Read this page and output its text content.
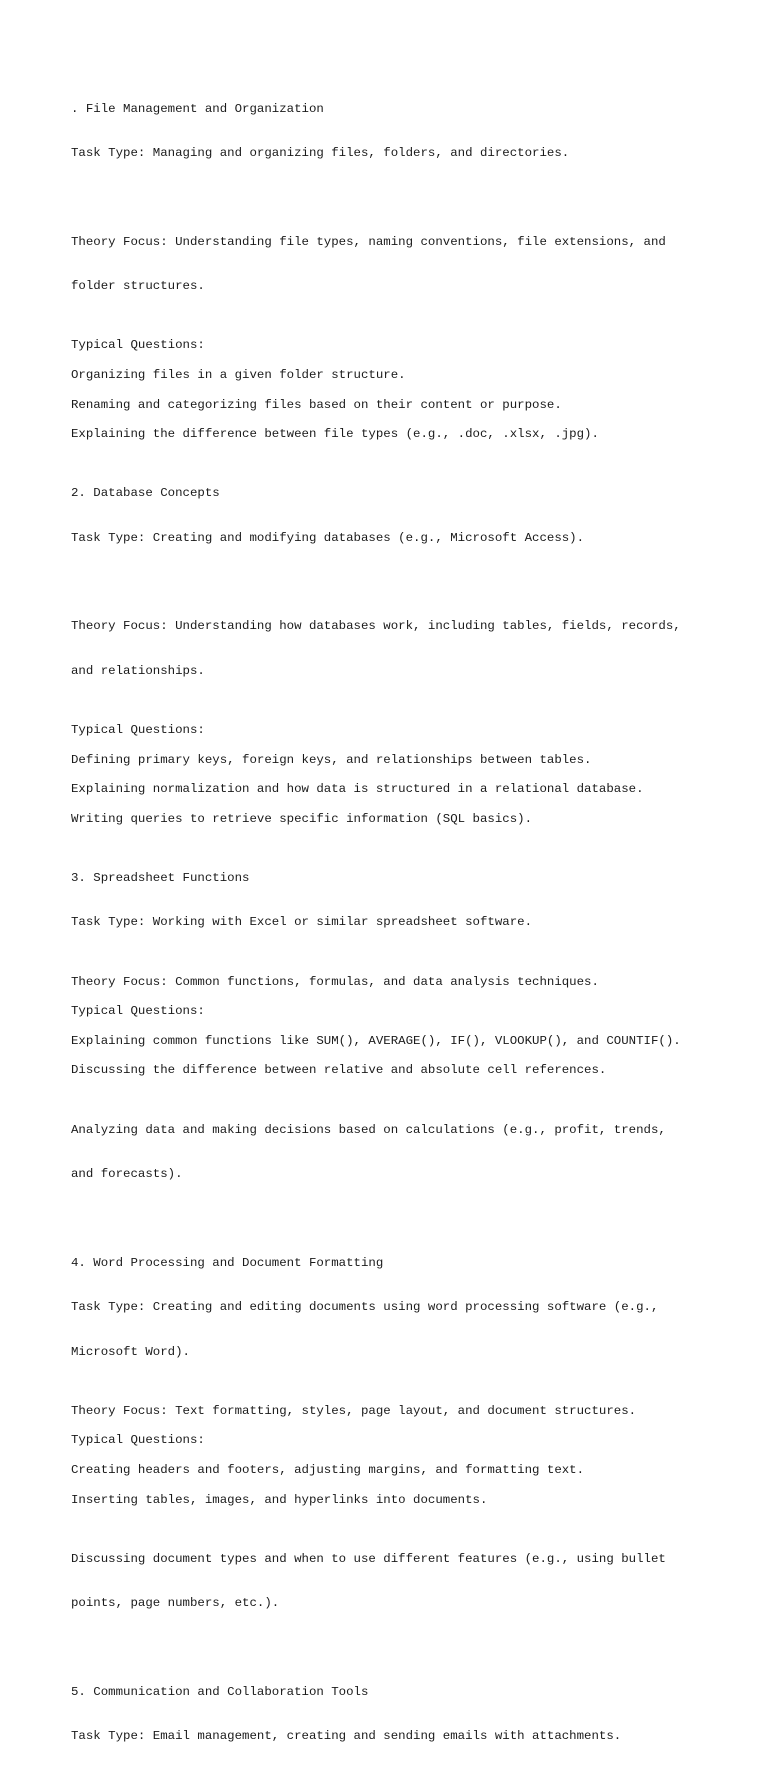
. File Management and Organization

Task Type: Managing and organizing files, folders, and directories.

Theory Focus: Understanding file types, naming conventions, file extensions, and

folder structures.

Typical Questions:
Organizing files in a given folder structure.
Renaming and categorizing files based on their content or purpose.
Explaining the difference between file types (e.g., .doc, .xlsx, .jpg).

2. Database Concepts

Task Type: Creating and modifying databases (e.g., Microsoft Access).

Theory Focus: Understanding how databases work, including tables, fields, records,

and relationships.

Typical Questions:
Defining primary keys, foreign keys, and relationships between tables.
Explaining normalization and how data is structured in a relational database.
Writing queries to retrieve specific information (SQL basics).

3. Spreadsheet Functions

Task Type: Working with Excel or similar spreadsheet software.

Theory Focus: Common functions, formulas, and data analysis techniques.
Typical Questions:
Explaining common functions like SUM(), AVERAGE(), IF(), VLOOKUP(), and COUNTIF().
Discussing the difference between relative and absolute cell references.

Analyzing data and making decisions based on calculations (e.g., profit, trends,

and forecasts).

4. Word Processing and Document Formatting

Task Type: Creating and editing documents using word processing software (e.g.,

Microsoft Word).

Theory Focus: Text formatting, styles, page layout, and document structures.
Typical Questions:
Creating headers and footers, adjusting margins, and formatting text.
Inserting tables, images, and hyperlinks into documents.

Discussing document types and when to use different features (e.g., using bullet

points, page numbers, etc.).

5. Communication and Collaboration Tools

Task Type: Email management, creating and sending emails with attachments.
